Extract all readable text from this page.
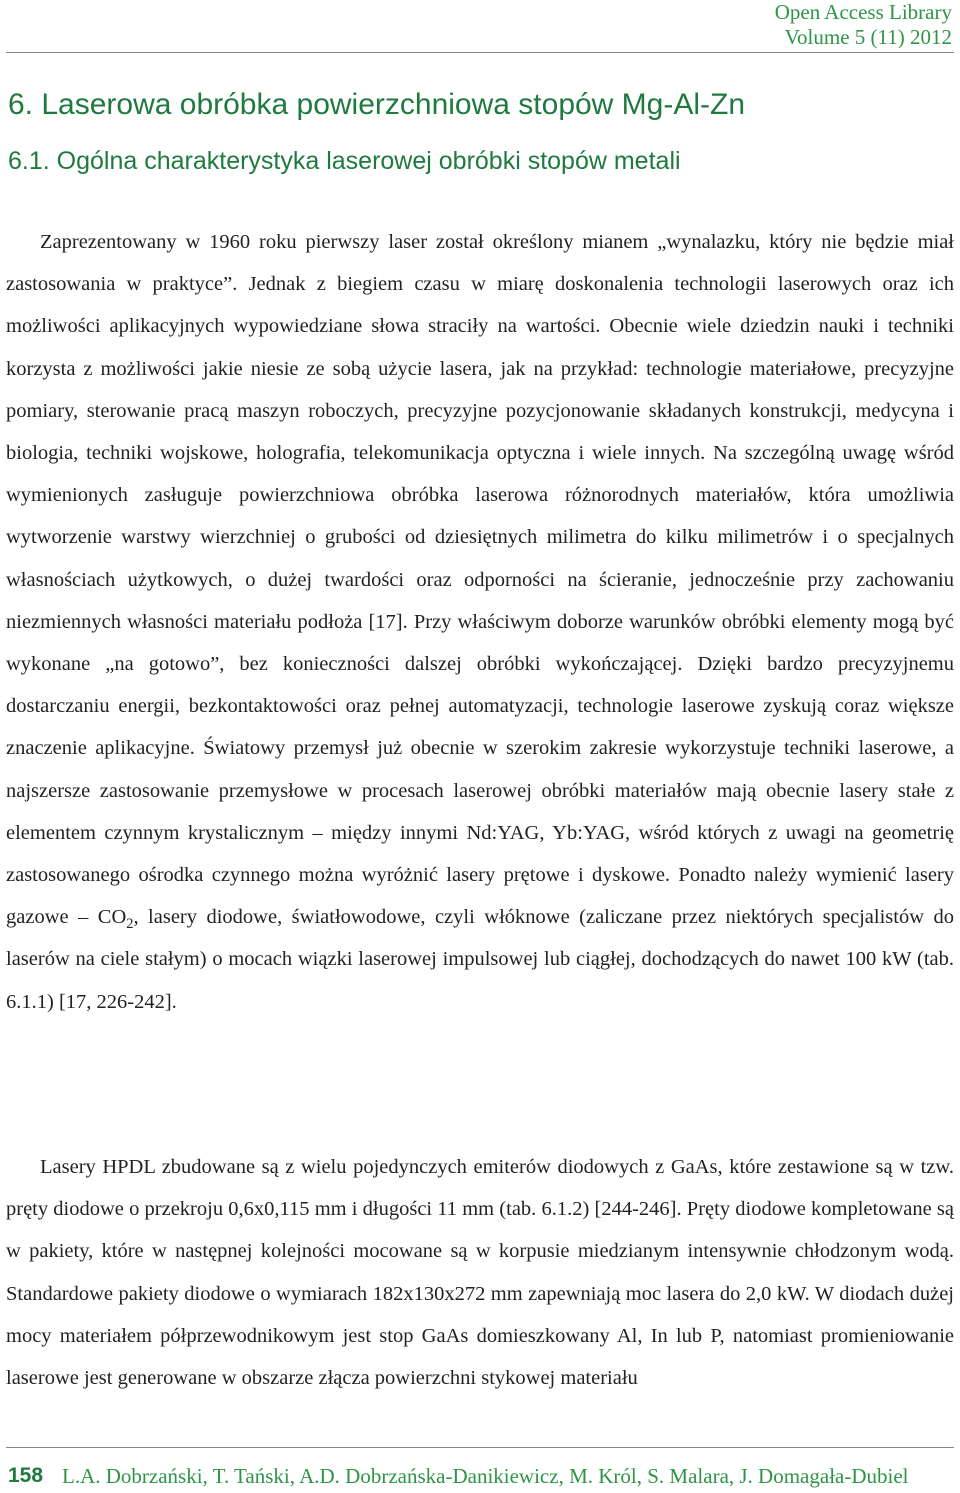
Open Access Library
Volume 5 (11) 2012
6. Laserowa obróbka powierzchniowa stopów Mg-Al-Zn
6.1. Ogólna charakterystyka laserowej obróbki stopów metali

Zaprezentowany w 1960 roku pierwszy laser został określony mianem „wynalazku, który nie będzie miał zastosowania w praktyce”. Jednak z biegiem czasu w miarę doskonalenia technologii laserowych oraz ich możliwości aplikacyjnych wypowiedziane słowa straciły na wartości. Obecnie wiele dziedzin nauki i techniki korzysta z możliwości jakie niesie ze sobą użycie lasera, jak na przykład: technologie materiałowe, precyzyjne pomiary, sterowanie pracą maszyn roboczych, precyzyjne pozycjonowanie składanych konstrukcji, medycyna i biologia, techniki wojskowe, holografia, telekomunikacja optyczna i wiele innych. Na szczególną uwagę wśród wymienionych zasługuje powierzchniowa obróbka laserowa różnorodnych materiałów, która umożliwia wytworzenie warstwy wierzchniej o grubości od dziesiętnych milimetra do kilku milimetrów i o specjalnych własnościach użytkowych, o dużej twardości oraz odporności na ścieranie, jednocześnie przy zachowaniu niezmiennych własności materiału podłoża [17]. Przy właściwym doborze warunków obróbki elementy mogą być wykonane „na gotowo”, bez konieczności dalszej obróbki wykończającej. Dzięki bardzo precyzyjnemu dostarczaniu energii, bezkontaktowości oraz pełnej automatyzacji, technologie laserowe zyskują coraz większe znaczenie aplikacyjne. Światowy przemysł już obecnie w szerokim zakresie wykorzystuje techniki laserowe, a najszersze zastosowanie przemysłowe w procesach laserowej obróbki materiałów mają obecnie lasery stałe z elementem czynnym krystalicznym – między innymi Nd:YAG, Yb:YAG, wśród których z uwagi na geometrię zastosowanego ośrodka czynnego można wyróżnić lasery prętowe i dyskowe. Ponadto należy wymienić lasery gazowe – $CO_2$, lasery diodowe, światłowodowe, czyli włóknowe (zaliczane przez niektórych specjalistów do laserów na ciele stałym) o mocach wiązki laserowej impulsowej lub ciągłej, dochodzących do nawet 100 kW (tab. 6.1.1) [17, 226-242].

Lasery HPDL zbudowane są z wielu pojedynczych emiterów diodowych z GaAs, które zestawione są w tzw. pręty diodowe o przekroju 0,6x0,115 mm i długości 11 mm (tab. 6.1.2) [244-246]. Pręty diodowe kompletowane są w pakiety, które w następnej kolejności mocowane są w korpusie miedzianym intensywnie chłodzonym wodą. Standardowe pakiety diodowe o wymiarach 182x130x272 mm zapewniają moc lasera do 2,0 kW. W diodach dużej mocy materiałem półprzewodnikowym jest stop GaAs domieszkowany Al, In lub P, natomiast promieniowanie laserowe jest generowane w obszarze złącza powierzchni stykowej materiału

158 L.A. Dobrzański, T. Tański, A.D. Dobrzańska-Danikiewicz, M. Król, S. Malara, J. Domagała-Dubiel
